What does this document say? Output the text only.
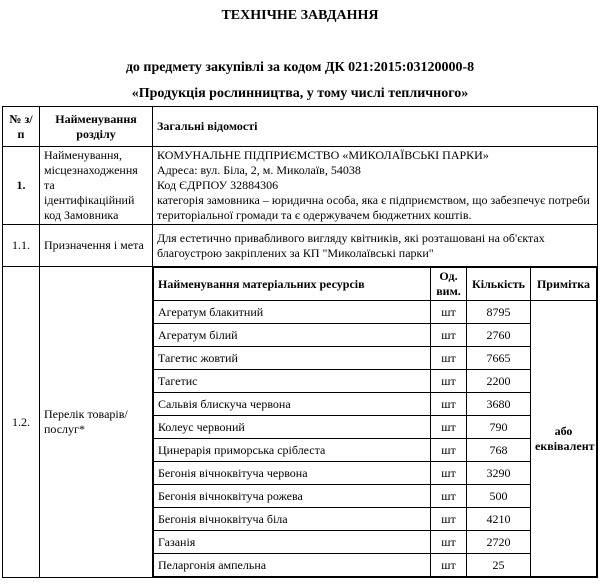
ТЕХНІЧНЕ ЗАВДАННЯ
до предмету закупівлі за кодом ДК 021:2015:03120000-8
«Продукція рослинництва, у тому числі тепличного»
№ з/п	Найменування розділу	Загальні відомості
1.	Найменування, місцезнаходження та ідентифікаційний код Замовника	
КОМУНАЛЬНЕ ПІДПРИЄМСТВО «МИКОЛАЇВСЬКІ ПАРКИ»
Адреса: вул. Біла, 2, м. Миколаїв, 54038
Код ЄДРПОУ 32884306
категорія замовника – юридична особа, яка є підприємством, що забезпечує потреби територіальної громади та є одержувачем бюджетних коштів.

1.1.	Призначення і мета	Для естетично привабливого вигляду квітників, які розташовані на об'єктах благоустрою закріплених за КП "Миколаївські парки"
1.2.	Перелік товарів/ послуг*	
Найменування матеріальних ресурсів	Од. вим.	Кількість	Примітка
Агератум блакитний	шт	8795	або еквівалент
Агератум білий	шт	2760
Тагетис жовтий	шт	7665
Тагетис	шт	2200
Сальвія блискуча червона	шт	3680
Колеус червоний	шт	790
Цинерарія приморська сріблеста	шт	768
Бегонія вічноквітуча червона	шт	3290
Бегонія вічноквітуча рожева	шт	500
Бегонія вічноквітуча біла	шт	4210
Газанія	шт	2720
Пеларгонія ампельна	шт	25
